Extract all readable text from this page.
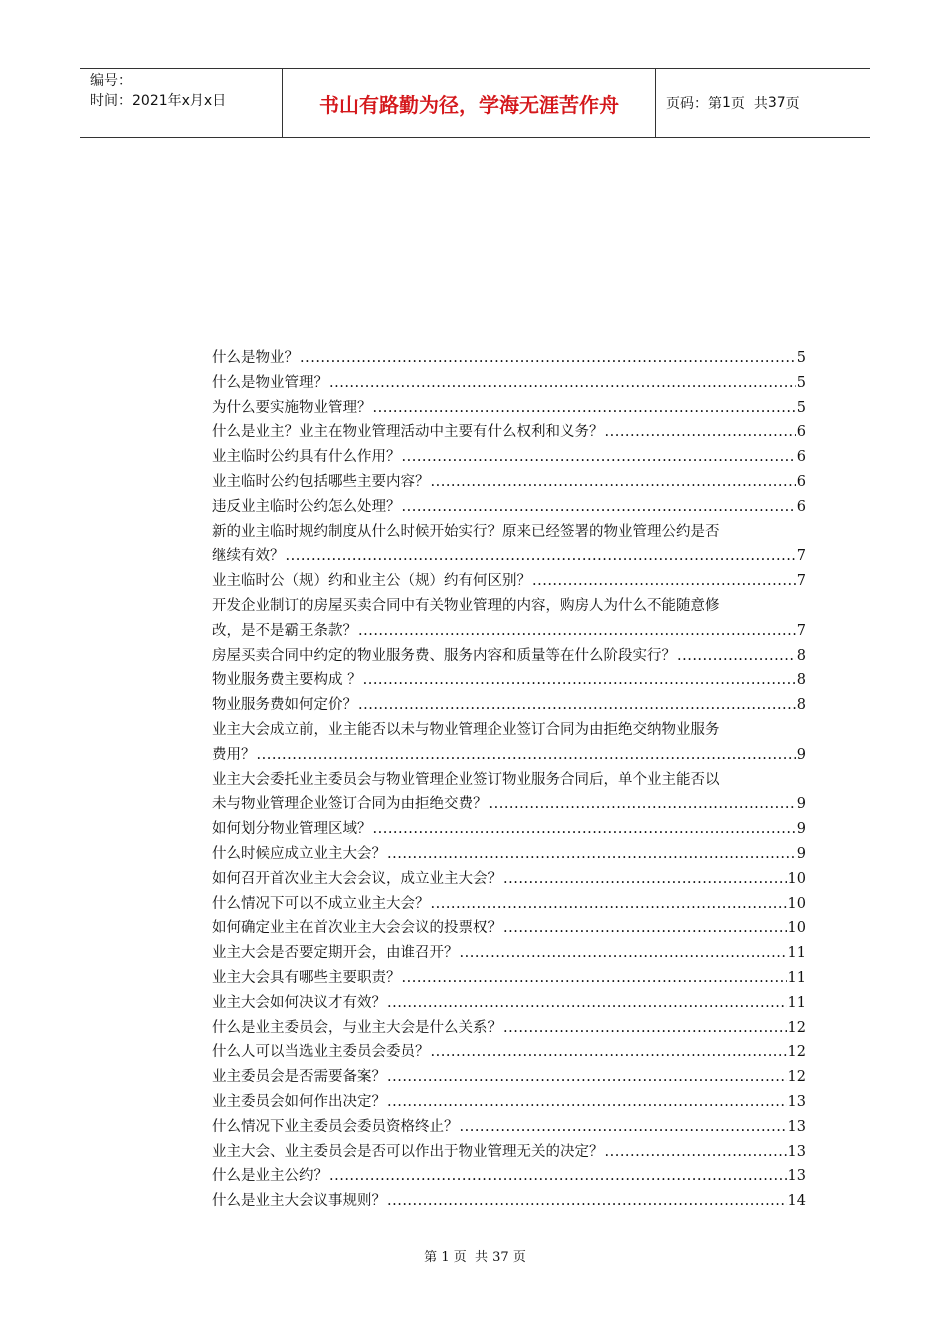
编号：
时间：2021年x月x日	书山有路勤为径，学海无涯苦作舟	页码：第 1 页  共 37 页
什么是物业？ .....	5
什么是物业管理？ .....	5
为什么要实施物业管理？ .....	5
什么是业主？业主在物业管理活动中主要有什么权利和义务？ .....	6
业主临时公约具有什么作用？ .....	6
业主临时公约包括哪些主要内容？ .....	6
违反业主临时公约怎么处理？ .....	6
新的业主临时规约制度从什么时候开始实行？原来已经签署的物业管理公约是否
继续有效？ .....	7
业主临时公（规）约和业主公（规）约有何区别？ .....	7
开发企业制订的房屋买卖合同中有关物业管理的内容，购房人为什么不能随意修
改，是不是霸王条款？ .....	7
房屋买卖合同中约定的物业服务费、服务内容和质量等在什么阶段实行？ .....	8
物业服务费主要构成 ？ .....	8
物业服务费如何定价？ .....	8
业主大会成立前，业主能否以未与物业管理企业签订合同为由拒绝交纳物业服务
费用？ .....	9
业主大会委托业主委员会与物业管理企业签订物业服务合同后，单个业主能否以
未与物业管理企业签订合同为由拒绝交费？ .....	9
如何划分物业管理区域？ .....	9
什么时候应成立业主大会？ .....	9
如何召开首次业主大会会议，成立业主大会？ .....	10
什么情况下可以不成立业主大会？ .....	10
如何确定业主在首次业主大会会议的投票权？ .....	10
业主大会是否要定期开会，由谁召开？ .....	11
业主大会具有哪些主要职责？ .....	11
业主大会如何决议才有效？ .....	11
什么是业主委员会，与业主大会是什么关系？ .....	12
什么人可以当选业主委员会委员？ .....	12
业主委员会是否需要备案？ .....	12
业主委员会如何作出决定？ .....	13
什么情况下业主委员会委员资格终止？ .....	13
业主大会、业主委员会是否可以作出于物业管理无关的决定？ .....	13
什么是业主公约？ .....	13
什么是业主大会议事规则？ .....	14
第 1 页  共 37 页
